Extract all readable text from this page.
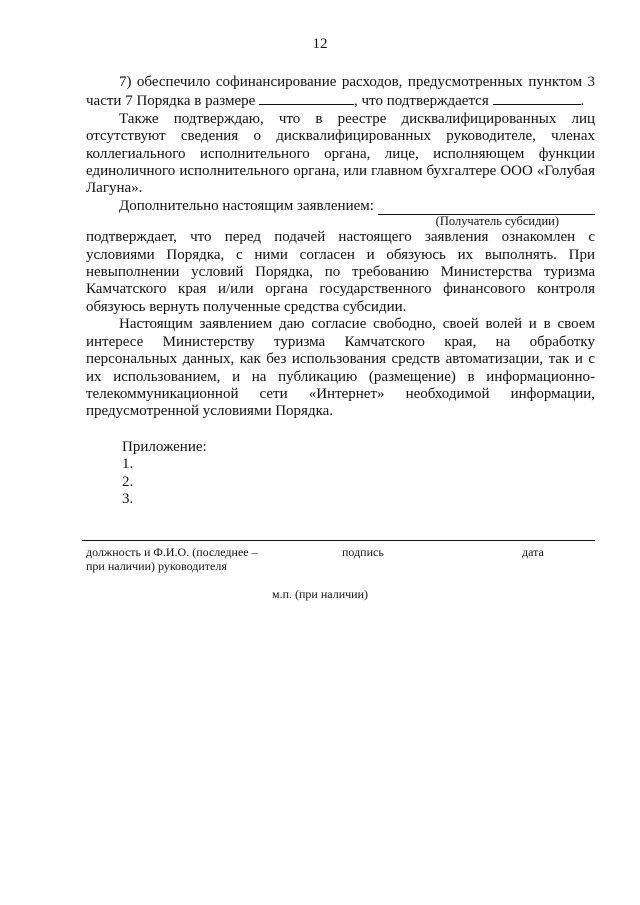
12

7) обеспечило софинансирование расходов, предусмотренных пунктом 3 части 7 Порядка в размере	, что подтверждается	.

Также подтверждаю, что в реестре дисквалифицированных лиц отсутствуют сведения о дисквалифицированных руководителе, членах коллегиального исполнительного органа, лице, исполняющем функции единоличного исполнительного органа, или главном бухгалтере ООО «Голубая Лагуна».

Дополнительно настоящим заявлением:
(Получатель субсидии)

подтверждает, что перед подачей настоящего заявления ознакомлен с условиями Порядка, с ними согласен и обязуюсь их выполнять. При невыполнении условий Порядка, по требованию Министерства туризма Камчатского края и/или органа государственного финансового контроля обязуюсь вернуть полученные средства субсидии.

Настоящим заявлением даю согласие свободно, своей волей и в своем интересе Министерству туризма Камчатского края, на обработку персональных данных, как без использования средств автоматизации, так и с их использованием, и на публикацию (размещение) в информационно-телекоммуникационной сети «Интернет» необходимой информации, предусмотренной условиями Порядка.

Приложение:
1.
2.
3.
должность и Ф.И.О. (последнее –
при наличии) руководителя
подпись	дата
м.п. (при наличии)
